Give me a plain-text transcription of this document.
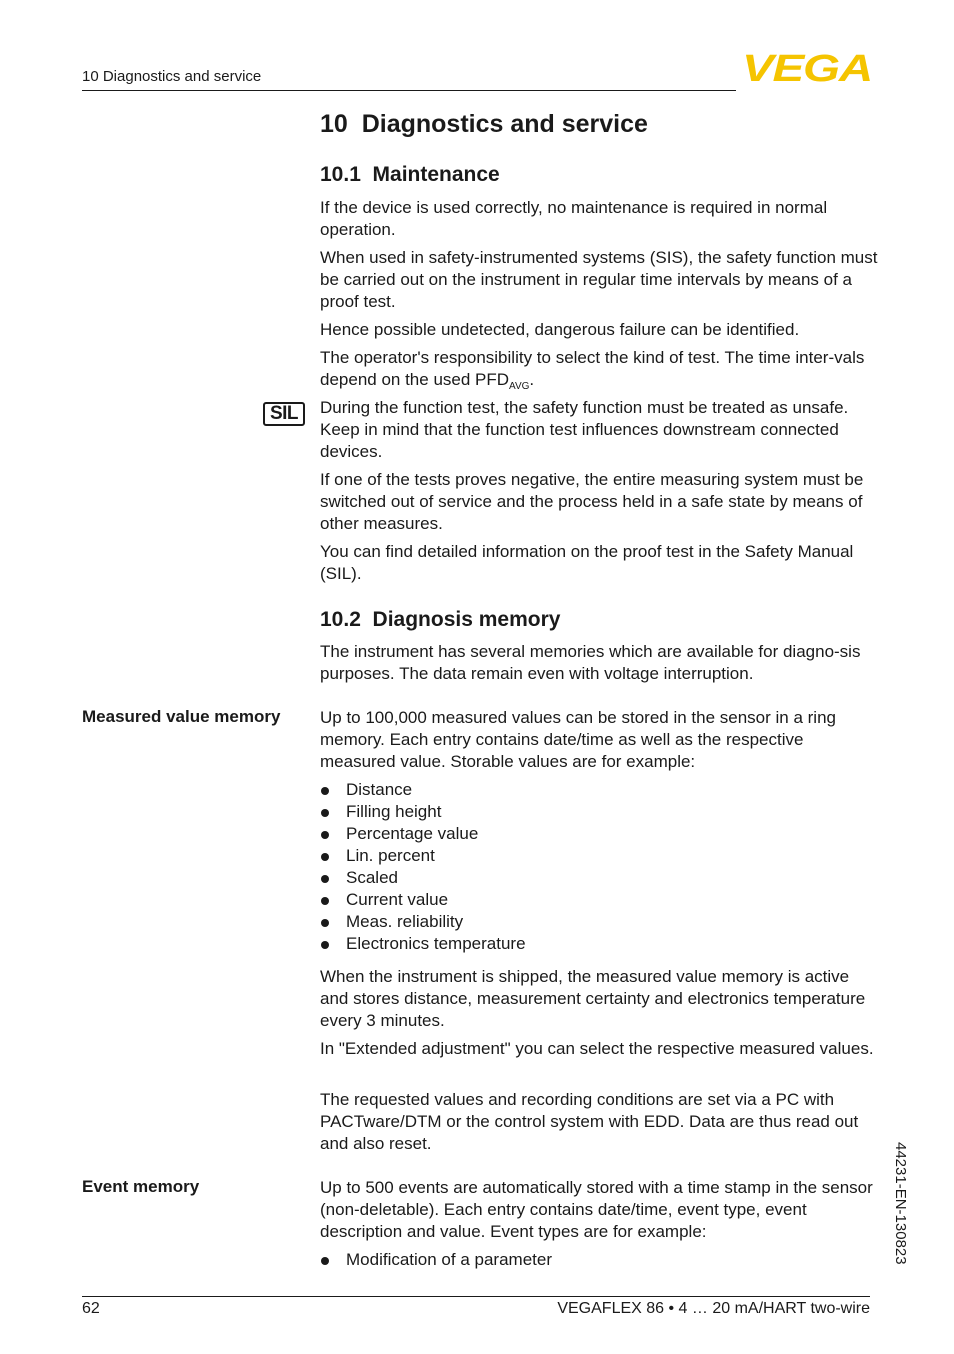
10 Diagnostics and service	VEGA
10  Diagnostics and service
10.1  Maintenance

If the device is used correctly, no maintenance is required in normal operation.

When used in safety-instrumented systems (SIS), the safety function must be carried out on the instrument in regular time intervals by means of a proof test.

Hence possible undetected, dangerous failure can be identified.

The operator's responsibility to select the kind of test. The time inter-vals depend on the used $PFD_{AVG}$.

SIL	During the function test, the safety function must be treated as unsafe. Keep in mind that the function test influences downstream connected devices.

If one of the tests proves negative, the entire measuring system must be switched out of service and the process held in a safe state by means of other measures.

You can find detailed information on the proof test in the Safety Manual (SIL).

10.2  Diagnosis memory

The instrument has several memories which are available for diagno-sis purposes. The data remain even with voltage interruption.

Measured value memory Up to 100,000 measured values can be stored in the sensor in a ring memory. Each entry contains date/time as well as the respective measured value. Storable values are for example:

Distance
Filling height
Percentage value
Lin. percent
Scaled
Current value
Meas. reliability
Electronics temperature

When the instrument is shipped, the measured value memory is active and stores distance, measurement certainty and electronics temperature every 3 minutes.

In "Extended adjustment" you can select the respective measured values.

The requested values and recording conditions are set via a PC with PACTware/DTM or the control system with EDD. Data are thus read out and also reset.

Event memory	Up to 500 events are automatically stored with a time stamp in the sensor (non-deletable). Each entry contains date/time, event type, event description and value. Event types are for example:

Modification of a parameter	44231-EN-130823
62	VEGAFLEX 86 • 4 … 20 mA/HART two-wire
